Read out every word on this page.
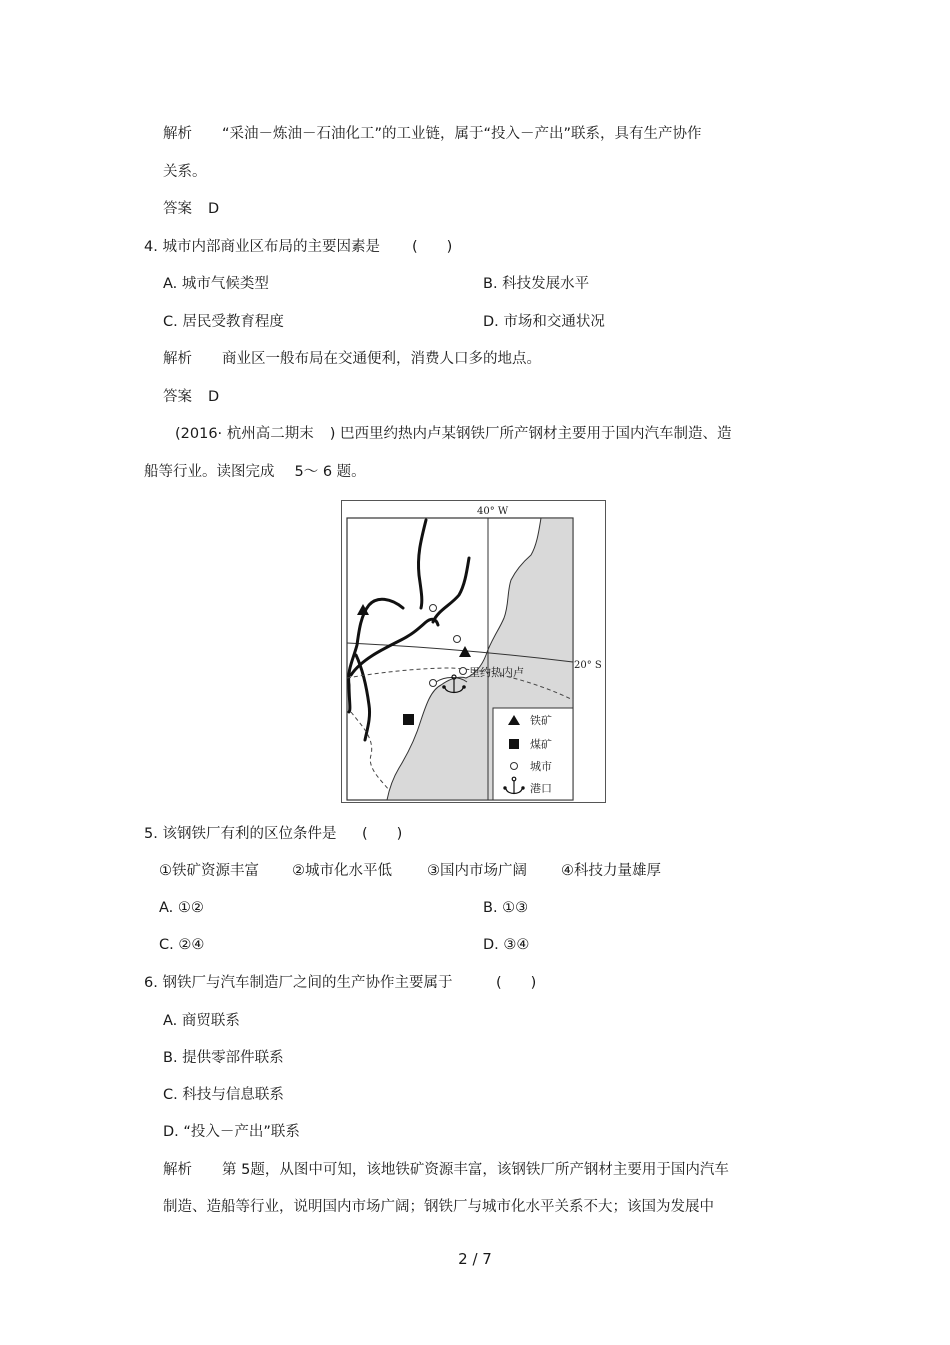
解析 “采油－炼油－石油化工”的工业链，属于“投入－产出”联系，具有生产协作
关系。
答案 D
4. 城市内部商业区布局的主要因素是 (　　)
A. 城市气候类型	B. 科技发展水平
C. 居民受教育程度	D. 市场和交通状况
解析 商业区一般布局在交通便利，消费人口多的地点。
答案 D
(2016· 杭州高二期末 ) 巴西里约热内卢某钢铁厂所产钢材主要用于国内汽车制造、造
船等行业。读图完成 5～ 6 题。
40° W
20° S
里约热内卢
铁矿
煤矿
城市
港口
5. 该钢铁厂有利的区位条件是 (　　)
①铁矿资源丰富 ②城市化水平低 ③国内市场广阔 ④科技力量雄厚
A. ①②	B. ①③
C. ②④	D. ③④
6. 钢铁厂与汽车制造厂之间的生产协作主要属于	(　　)
A. 商贸联系
B. 提供零部件联系
C. 科技与信息联系
D. “投入－产出”联系
解析 第 5题，从图中可知，该地铁矿资源丰富，该钢铁厂所产钢材主要用于国内汽车
制造、造船等行业，说明国内市场广阔；钢铁厂与城市化水平关系不大；该国为发展中
2 / 7
